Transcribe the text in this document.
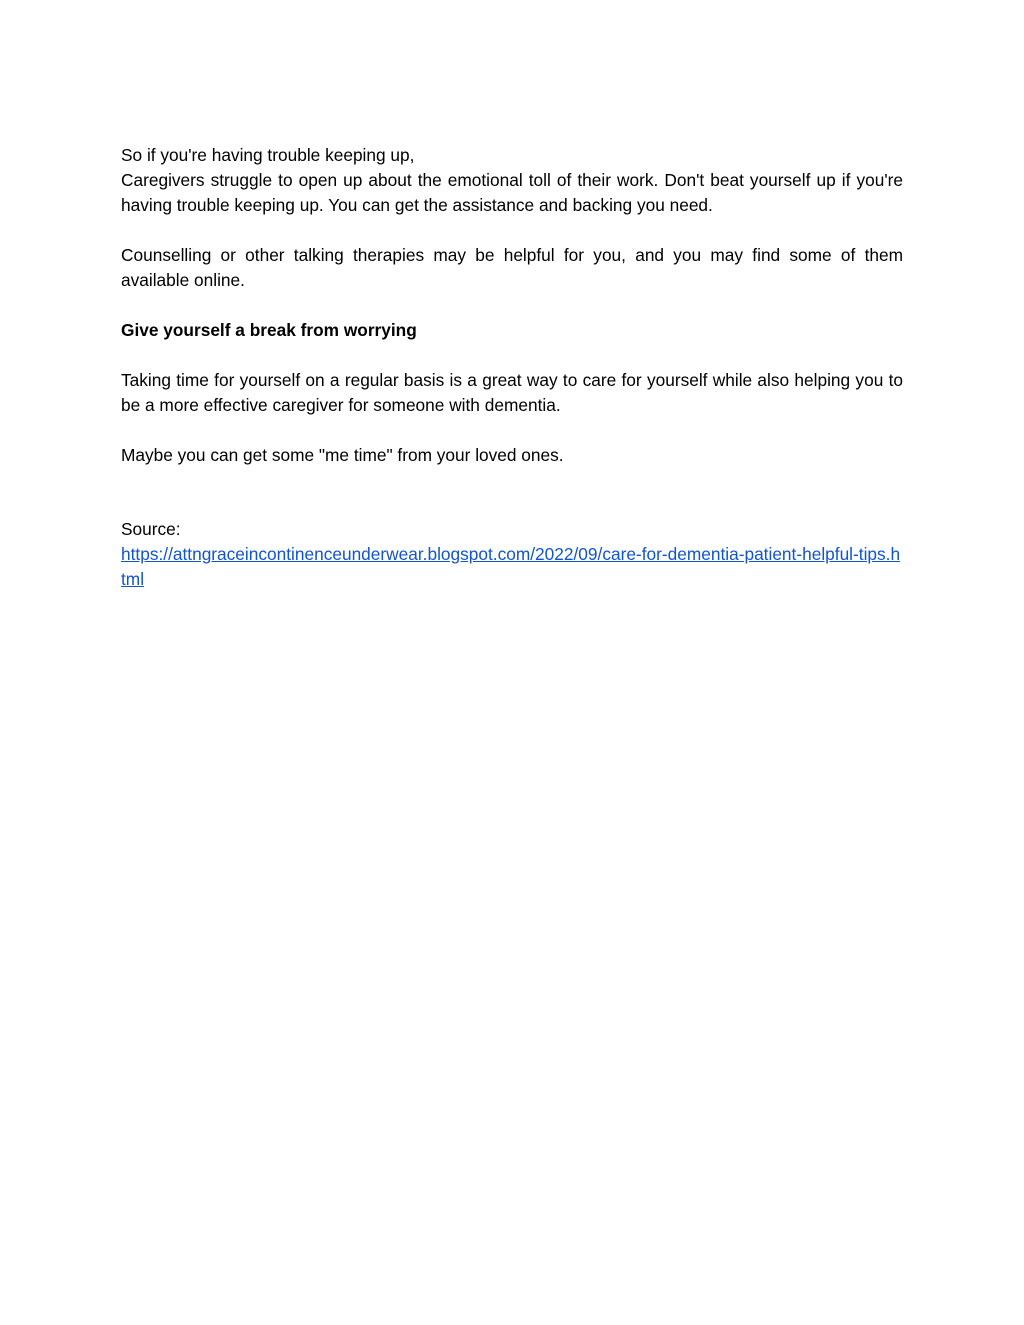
So if you're having trouble keeping up,
Caregivers struggle to open up about the emotional toll of their work. Don't beat yourself up if you're having trouble keeping up. You can get the assistance and backing you need.

Counselling or other talking therapies may be helpful for you, and you may find some of them available online.

Give yourself a break from worrying

Taking time for yourself on a regular basis is a great way to care for yourself while also helping you to be a more effective caregiver for someone with dementia.

Maybe you can get some "me time" from your loved ones.

Source:
https://attngraceincontinenceunderwear.blogspot.com/2022/09/care-for-dementia-patient-helpful-tips.html
